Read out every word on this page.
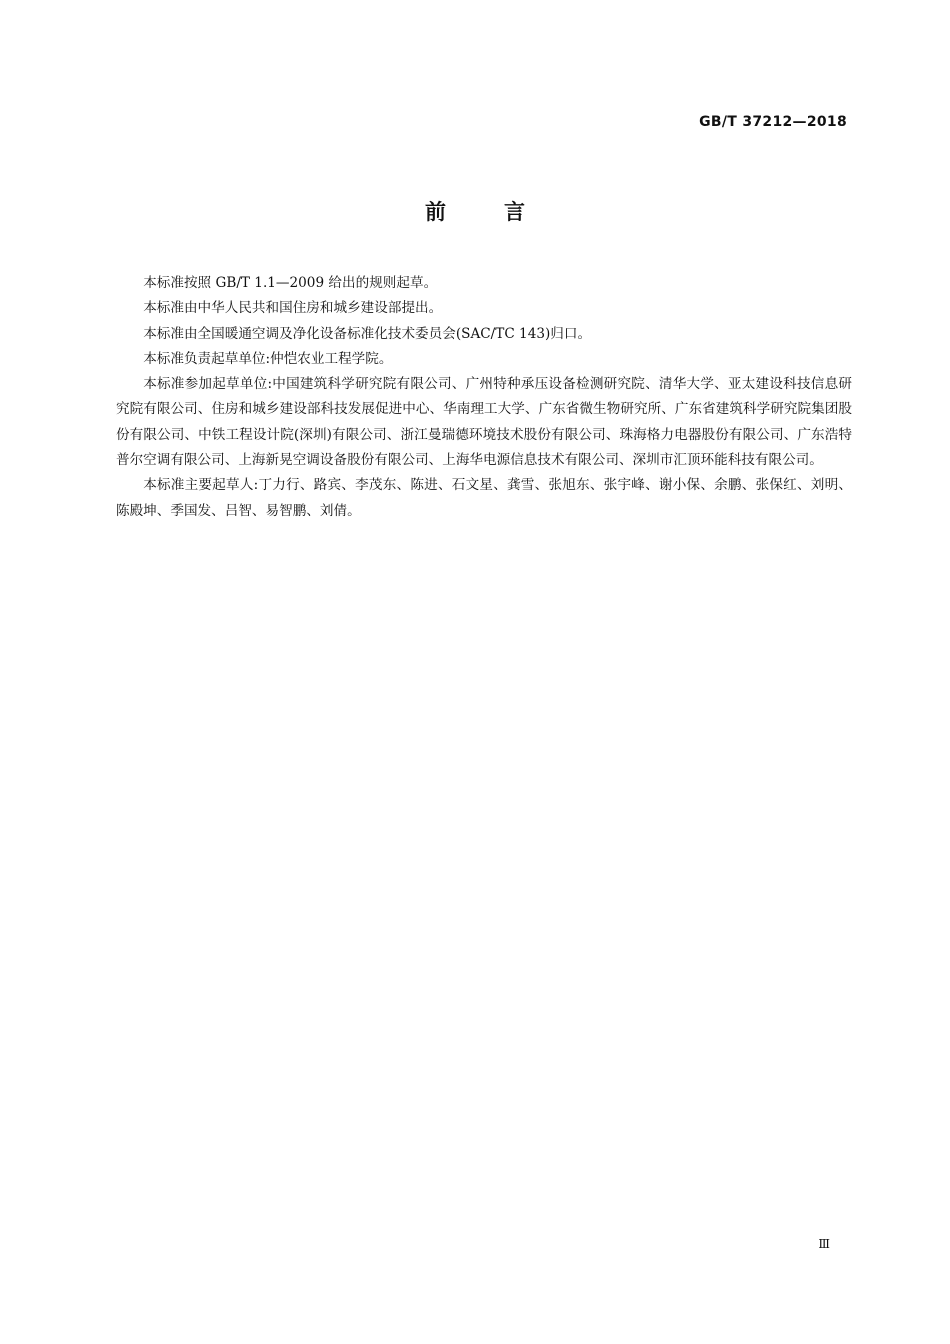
GB/T 37212—2018
前言

本标准按照 GB/T 1.1—2009 给出的规则起草。

本标准由中华人民共和国住房和城乡建设部提出。

本标准由全国暖通空调及净化设备标准化技术委员会(SAC/TC 143)归口。

本标准负责起草单位:仲恺农业工程学院。

本标准参加起草单位:中国建筑科学研究院有限公司、广州特种承压设备检测研究院、清华大学、亚太建设科技信息研究院有限公司、住房和城乡建设部科技发展促进中心、华南理工大学、广东省微生物研究所、广东省建筑科学研究院集团股份有限公司、中铁工程设计院(深圳)有限公司、浙江曼瑞德环境技术股份有限公司、珠海格力电器股份有限公司、广东浩特普尔空调有限公司、上海新晃空调设备股份有限公司、上海华电源信息技术有限公司、深圳市汇顶环能科技有限公司。

本标准主要起草人:丁力行、路宾、李茂东、陈进、石文星、龚雪、张旭东、张宇峰、谢小保、余鹏、张保红、刘明、陈殿坤、季国发、吕智、易智鹏、刘倩。

Ⅲ
